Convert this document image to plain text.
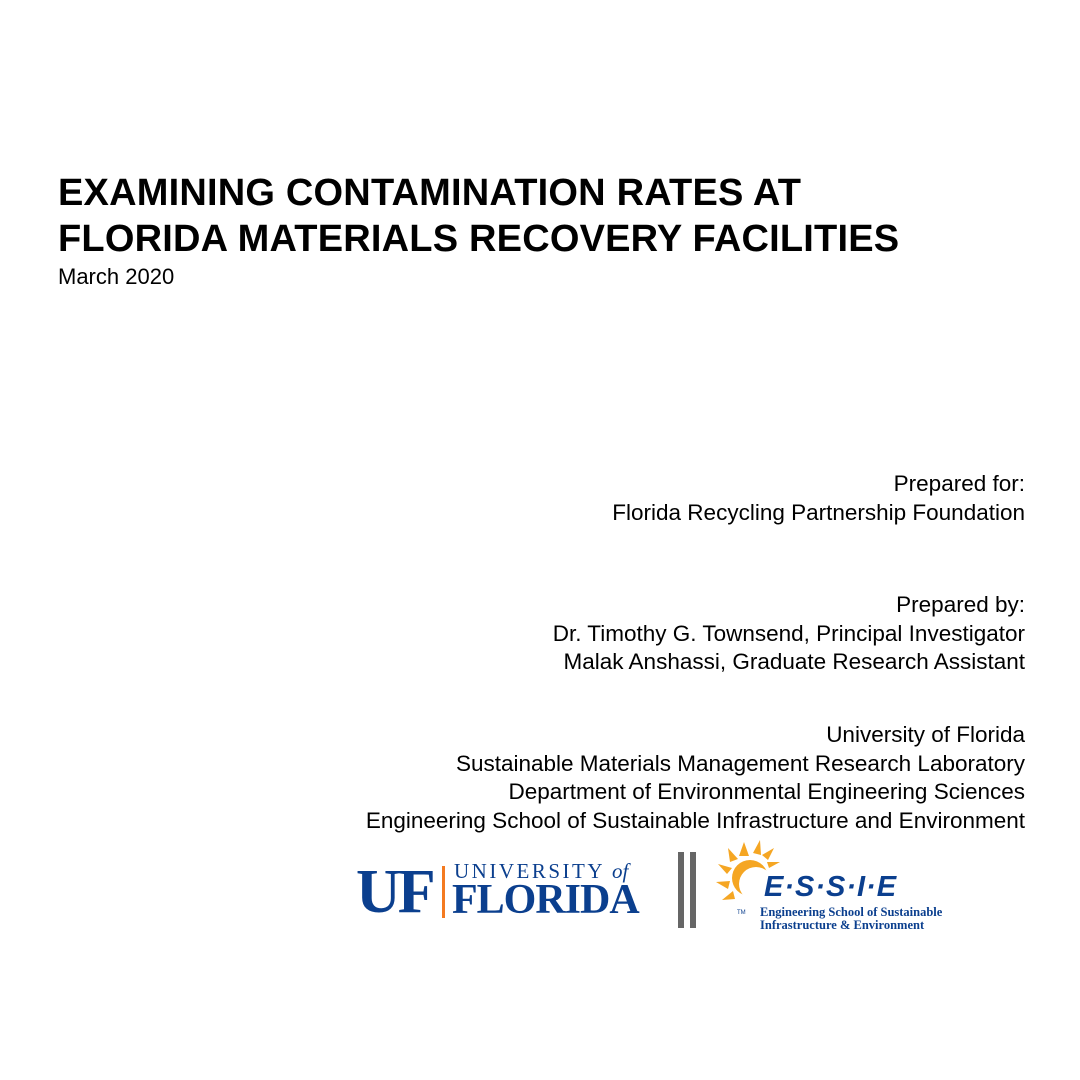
EXAMINING CONTAMINATION RATES AT
FLORIDA MATERIALS RECOVERY FACILITIES
March 2020
Prepared for:
Florida Recycling Partnership Foundation
Prepared by:
Dr. Timothy G. Townsend, Principal Investigator
Malak Anshassi, Graduate Research Assistant
University of Florida
Sustainable Materials Management Research Laboratory
Department of Environmental Engineering Sciences
Engineering School of Sustainable Infrastructure and Environment
UF UNIVERSITY of
FLORIDA	E·S·S·I·E
TM Engineering School of Sustainable
Infrastructure & Environment
